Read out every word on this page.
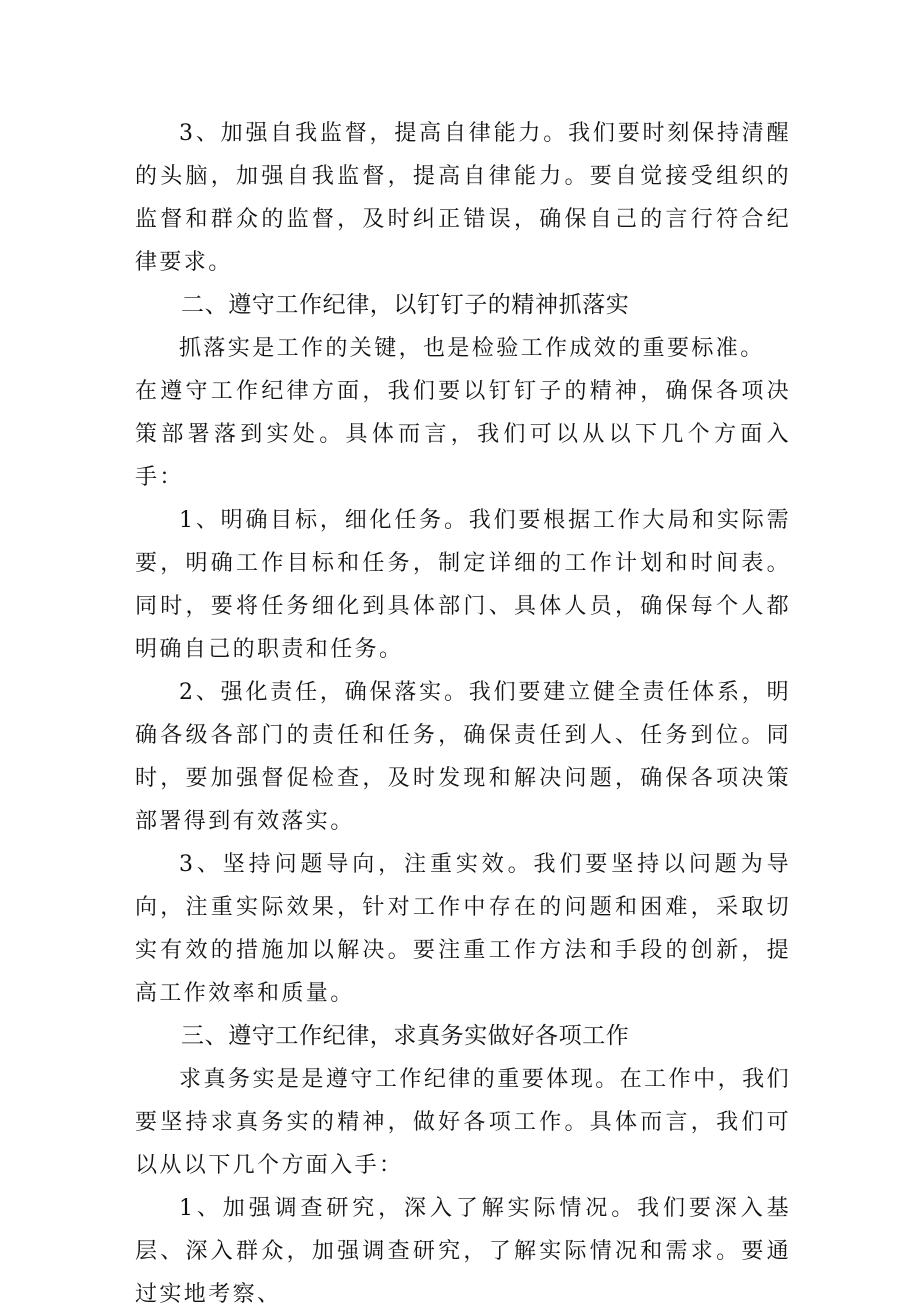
3、加强自我监督，提高自律能力。我们要时刻保持清醒的头脑，加强自我监督，提高自律能力。要自觉接受组织的监督和群众的监督，及时纠正错误，确保自己的言行符合纪律要求。

二、遵守工作纪律，以钉钉子的精神抓落实

抓落实是工作的关键，也是检验工作成效的重要标准。

在遵守工作纪律方面，我们要以钉钉子的精神，确保各项决策部署落到实处。具体而言，我们可以从以下几个方面入手：

1、明确目标，细化任务。我们要根据工作大局和实际需要，明确工作目标和任务，制定详细的工作计划和时间表。同时，要将任务细化到具体部门、具体人员，确保每个人都明确自己的职责和任务。

2、强化责任，确保落实。我们要建立健全责任体系，明确各级各部门的责任和任务，确保责任到人、任务到位。同时，要加强督促检查，及时发现和解决问题，确保各项决策部署得到有效落实。

3、坚持问题导向，注重实效。我们要坚持以问题为导向，注重实际效果，针对工作中存在的问题和困难，采取切实有效的措施加以解决。要注重工作方法和手段的创新，提高工作效率和质量。

三、遵守工作纪律，求真务实做好各项工作

求真务实是是遵守工作纪律的重要体现。在工作中，我们要坚持求真务实的精神，做好各项工作。具体而言，我们可以从以下几个方面入手：

1、加强调查研究，深入了解实际情况。我们要深入基层、深入群众，加强调查研究，了解实际情况和需求。要通过实地考察、
